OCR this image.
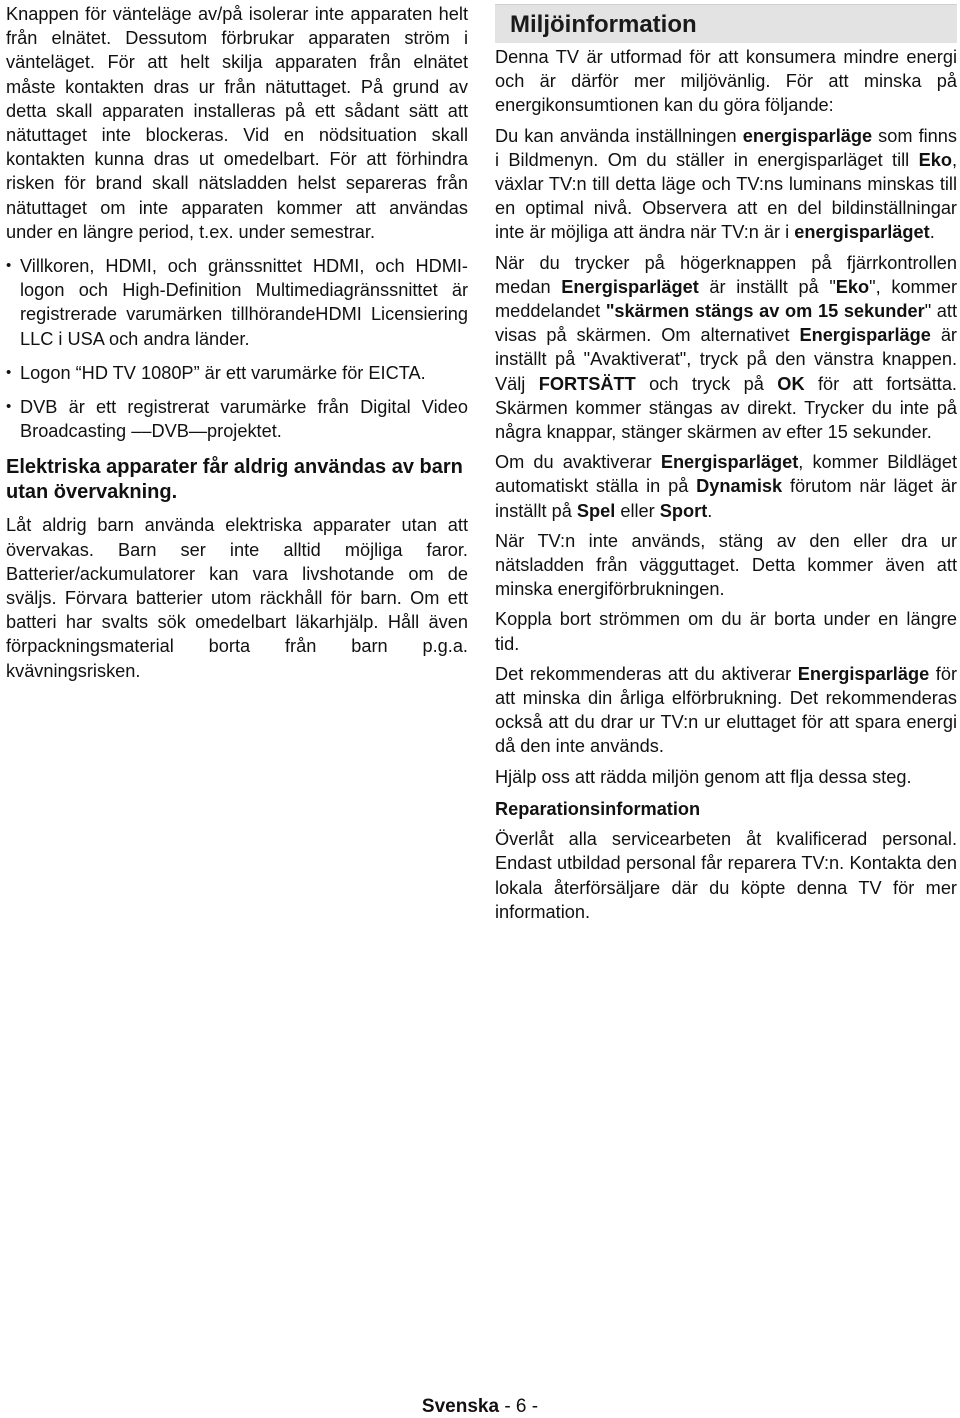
Knappen för vänteläge av/på isolerar inte apparaten helt från elnätet. Dessutom förbrukar apparaten ström i vänteläget. För att helt skilja apparaten från elnätet måste kontakten dras ur från nätuttaget. På grund av detta skall apparaten installeras på ett sådant sätt att nätuttaget inte blockeras. Vid en nödsituation skall kontakten kunna dras ut omedelbart. För att förhindra risken för brand skall nätsladden helst separeras från nätuttaget om inte apparaten kommer att användas under en längre period, t.ex. under semestrar.

• Villkoren, HDMI, och gränssnittet HDMI, och HDMI-logon och High-Definition Multimediagränssnittet är registrerade varumärken tillhörandeHDMI Licensiering LLC i USA och andra länder.

• Logon “HD TV 1080P” är ett varumärke för EICTA.

• DVB är ett registrerat varumärke från Digital Video Broadcasting ––DVB—projektet.

Elektriska apparater får aldrig användas av barn utan övervakning.

Låt aldrig barn använda elektriska apparater utan att övervakas. Barn ser inte alltid möjliga faror. Batterier/ackumulatorer kan vara livshotande om de sväljs. Förvara batterier utom räckhåll för barn. Om ett batteri har svalts sök omedelbart läkarhjälp. Håll även förpackningsmaterial borta från barn p.g.a. kvävningsrisken.

Miljöinformation

Denna TV är utformad för att konsumera mindre energi och är därför mer miljövänlig. För att minska på energikonsumtionen kan du göra följande:

Du kan använda inställningen energisparläge som finns i Bildmenyn. Om du ställer in energisparläget till Eko, växlar TV:n till detta läge och TV:ns luminans minskas till en optimal nivå. Observera att en del bildinställningar inte är möjliga att ändra när TV:n är i energisparläget.

När du trycker på högerknappen på fjärrkontrollen medan Energisparläget är inställt på "Eko", kommer meddelandet "skärmen stängs av om 15 sekunder" att visas på skärmen. Om alternativet Energisparläge är inställt på "Avaktiverat", tryck på den vänstra knappen. Välj FORTSÄTT och tryck på OK för att fortsätta. Skärmen kommer stängas av direkt. Trycker du inte på några knappar, stänger skärmen av efter 15 sekunder.

Om du avaktiverar Energisparläget, kommer Bildläget automatiskt ställa in på Dynamisk förutom när läget är inställt på Spel eller Sport.

När TV:n inte används, stäng av den eller dra ur nätsladden från vägguttaget. Detta kommer även att minska energiförbrukningen.

Koppla bort strömmen om du är borta under en längre tid.

Det rekommenderas att du aktiverar Energisparläge för att minska din årliga elförbrukning. Det rekommenderas också att du drar ur TV:n ur eluttaget för att spara energi då den inte används.

Hjälp oss att rädda miljön genom att flja dessa steg.

Reparationsinformation

Överlåt alla servicearbeten åt kvalificerad personal. Endast utbildad personal får reparera TV:n. Kontakta den lokala återförsäljare där du köpte denna TV för mer information.

Svenska - 6 -
